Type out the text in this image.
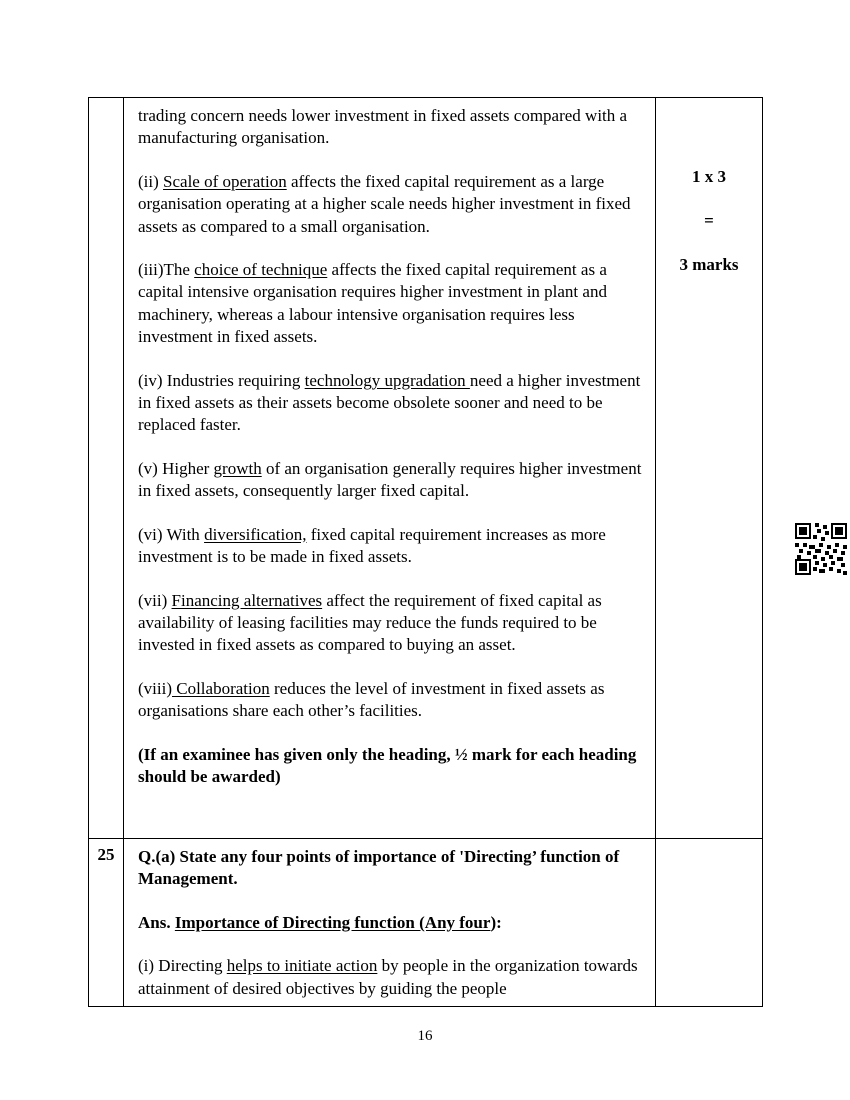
trading concern needs lower investment in fixed assets compared with a manufacturing organisation.

(ii) Scale of operation affects the fixed capital requirement as a large organisation operating at a higher scale needs higher investment in fixed assets as compared to a small organisation.

(iii)The choice of technique affects the fixed capital requirement as a capital intensive organisation requires higher investment in plant and machinery, whereas a labour intensive organisation requires less investment in fixed assets.

(iv) Industries requiring technology upgradation need a higher investment in fixed assets as their assets become obsolete sooner and need to be replaced faster.

(v) Higher growth of an organisation generally requires higher investment in fixed assets, consequently larger fixed capital.

(vi) With diversification, fixed capital requirement increases as more investment is to be made in fixed assets.

(vii) Financing alternatives affect the requirement of fixed capital as availability of leasing facilities may reduce the funds required to be invested in fixed assets as compared to buying an asset.

(viii) Collaboration reduces the level of investment in fixed assets as organisations share each other’s facilities.

(If an examinee has given only the heading, ½ mark for each heading should be awarded)

1 x 3
=
3 marks
25	Q.(a) State any four points of importance of 'Directing’ function of Management.

Ans. Importance of Directing function (Any four):

(i) Directing helps to initiate action by people in the organization towards attainment of desired objectives by guiding the people

16
